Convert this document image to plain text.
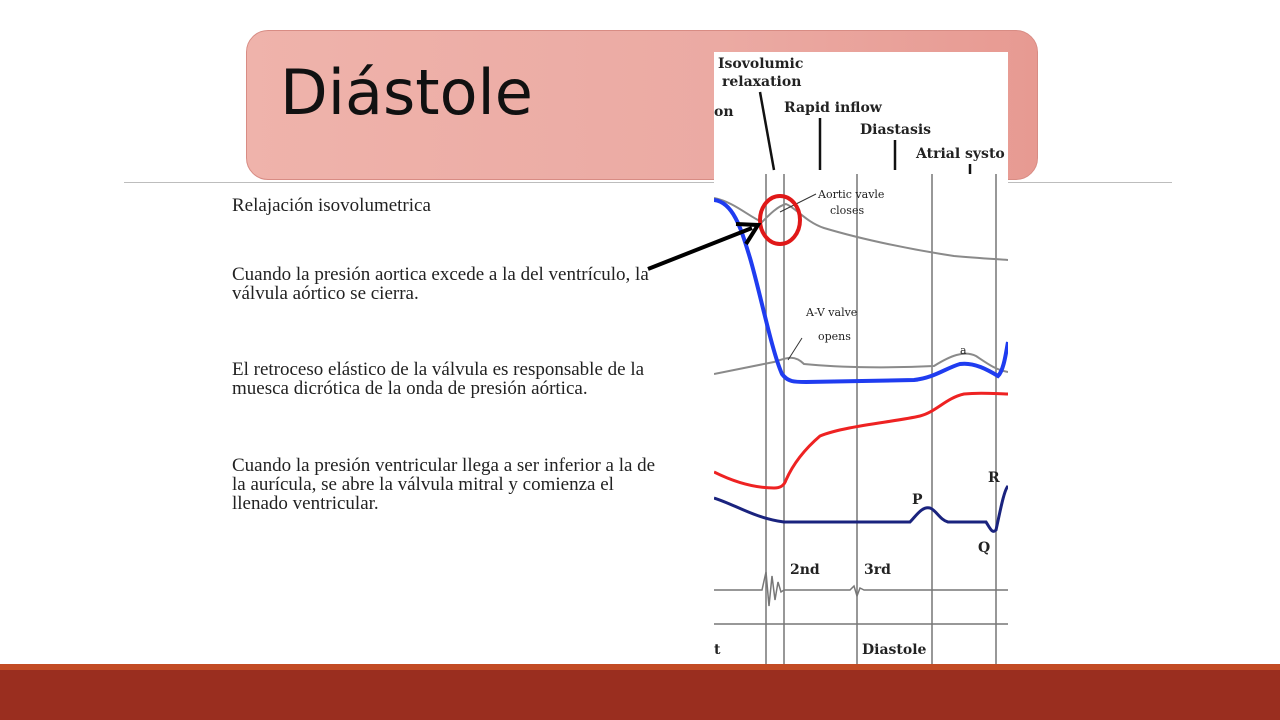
Diástole

Relajación isovolumetrica

Cuando la presión aortica excede a la del ventrículo, la válvula aórtico se cierra.

El retroceso elástico de la válvula es responsable de la muesca dicrótica de la onda de presión aórtica.

Cuando la presión ventricular llega a ser inferior a la de la aurícula, se abre la válvula mitral y comienza el llenado ventricular.

Isovolumic
relaxation
on	Rapid inflow
Diastasis
Atrial systo
Aortic vavle
closes
a
A-V valve
opens
P
R
Q
2nd	3rd
t	Diastole
